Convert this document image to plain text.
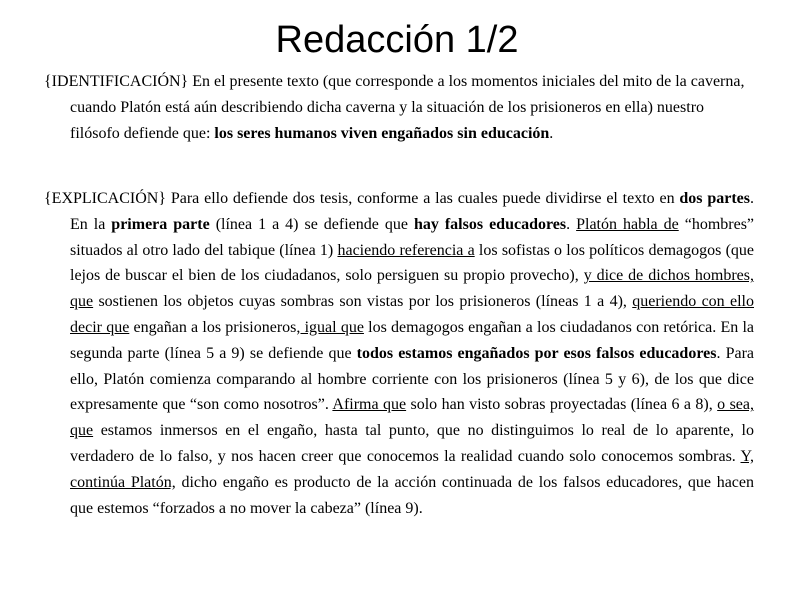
Redacción 1/2
{IDENTIFICACIÓN} En el presente texto (que corresponde a los momentos iniciales del mito de la caverna, cuando Platón está aún describiendo dicha caverna y la situación de los prisioneros en ella) nuestro filósofo defiende que: los seres humanos viven engañados sin educación.
{EXPLICACIÓN} Para ello defiende dos tesis, conforme a las cuales puede dividirse el texto en dos partes. En la primera parte (línea 1 a 4) se defiende que hay falsos educadores. Platón habla de “hombres” situados al otro lado del tabique (línea 1) haciendo referencia a los sofistas o los políticos demagogos (que lejos de buscar el bien de los ciudadanos, solo persiguen su propio provecho), y dice de dichos hombres, que sostienen los objetos cuyas sombras son vistas por los prisioneros (líneas 1 a 4), queriendo con ello decir que engañan a los prisioneros, igual que los demagogos engañan a los ciudadanos con retórica. En la segunda parte (línea 5 a 9) se defiende que todos estamos engañados por esos falsos educadores. Para ello, Platón comienza comparando al hombre corriente con los prisioneros (línea 5 y 6), de los que dice expresamente que “son como nosotros”. Afirma que solo han visto sobras proyectadas (línea 6 a 8), o sea, que estamos inmersos en el engaño, hasta tal punto, que no distinguimos lo real de lo aparente, lo verdadero de lo falso, y nos hacen creer que conocemos la realidad cuando solo conocemos sombras. Y, continúa Platón, dicho engaño es producto de la acción continuada de los falsos educadores, que hacen que estemos “forzados a no mover la cabeza” (línea 9).
